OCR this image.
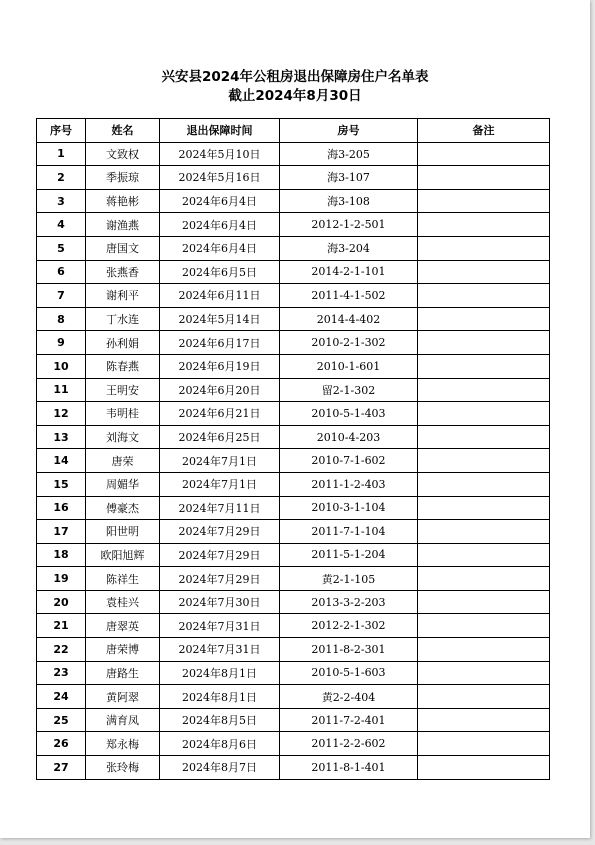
兴安县2024年公租房退出保障房住户名单表
截止2024年8月30日
序号	姓名	退出保障时间	房号	备注
1	文致权	2024年5月10日	海3-205	
2	季振琼	2024年5月16日	海3-107	
3	蒋艳彬	2024年6月4日	海3-108	
4	谢渔燕	2024年6月4日	2012-1-2-501	
5	唐国文	2024年6月4日	海3-204	
6	张燕香	2024年6月5日	2014-2-1-101	
7	谢利平	2024年6月11日	2011-4-1-502	
8	丁水连	2024年5月14日	2014-4-402	
9	孙利娟	2024年6月17日	2010-2-1-302	
10	陈春燕	2024年6月19日	2010-1-601	
11	王明安	2024年6月20日	留2-1-302	
12	韦明桂	2024年6月21日	2010-5-1-403	
13	刘海文	2024年6月25日	2010-4-203	
14	唐荣	2024年7月1日	2010-7-1-602	
15	周媚华	2024年7月1日	2011-1-2-403	
16	傅豪杰	2024年7月11日	2010-3-1-104	
17	阳世明	2024年7月29日	2011-7-1-104	
18	欧阳旭辉	2024年7月29日	2011-5-1-204	
19	陈祥生	2024年7月29日	黄2-1-105	
20	袁桂兴	2024年7月30日	2013-3-2-203	
21	唐翠英	2024年7月31日	2012-2-1-302	
22	唐荣博	2024年7月31日	2011-8-2-301	
23	唐路生	2024年8月1日	2010-5-1-603	
24	黄阿翠	2024年8月1日	黄2-2-404	
25	满育凤	2024年8月5日	2011-7-2-401	
26	郑永梅	2024年8月6日	2011-2-2-602	
27	张玲梅	2024年8月7日	2011-8-1-401	
